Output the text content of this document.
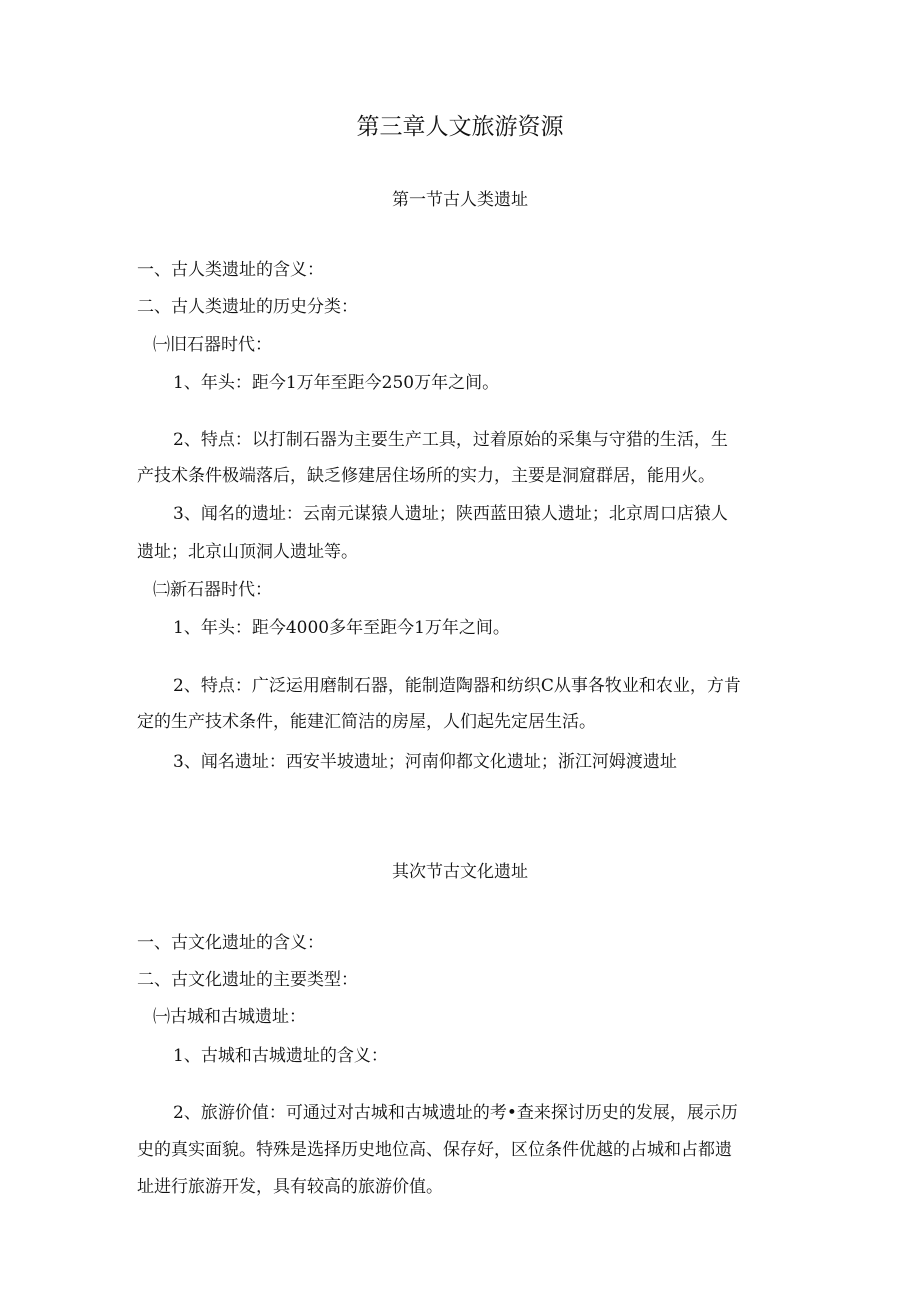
第三章人文旅游资源
第一节古人类遗址
一、古人类遗址的含义：
二、古人类遗址的历史分类：
㈠旧石器时代：
1、年头：距今1万年至距今250万年之间。
2、特点：以打制石器为主要生产工具，过着原始的采集与守猎的生活，生
产技术条件极端落后，缺乏修建居住场所的实力，主要是洞窟群居，能用火。
3、闻名的遗址：云南元谋猿人遗址；陕西蓝田猿人遗址；北京周口店猿人
遗址；北京山顶洞人遗址等。
㈡新石器时代：
1、年头：距今4000多年至距今1万年之间。
2、特点：广泛运用磨制石器，能制造陶器和纺织C从事各牧业和农业，方肯
定的生产技术条件，能建汇简洁的房屋，人们起先定居生活。
3、闻名遗址：西安半坡遗址；河南仰都文化遗址；浙江河姆渡遗址
其次节古文化遗址
一、古文化遗址的含义：
二、古文化遗址的主要类型：
㈠古城和古城遗址：
1、古城和古城遗址的含义：
2、旅游价值：可通过对古城和古城遗址的考•查来探讨历史的发展，展示历
史的真实面貌。特殊是选择历史地位高、保存好，区位条件优越的占城和占都遗
址进行旅游开发，具有较高的旅游价值。
